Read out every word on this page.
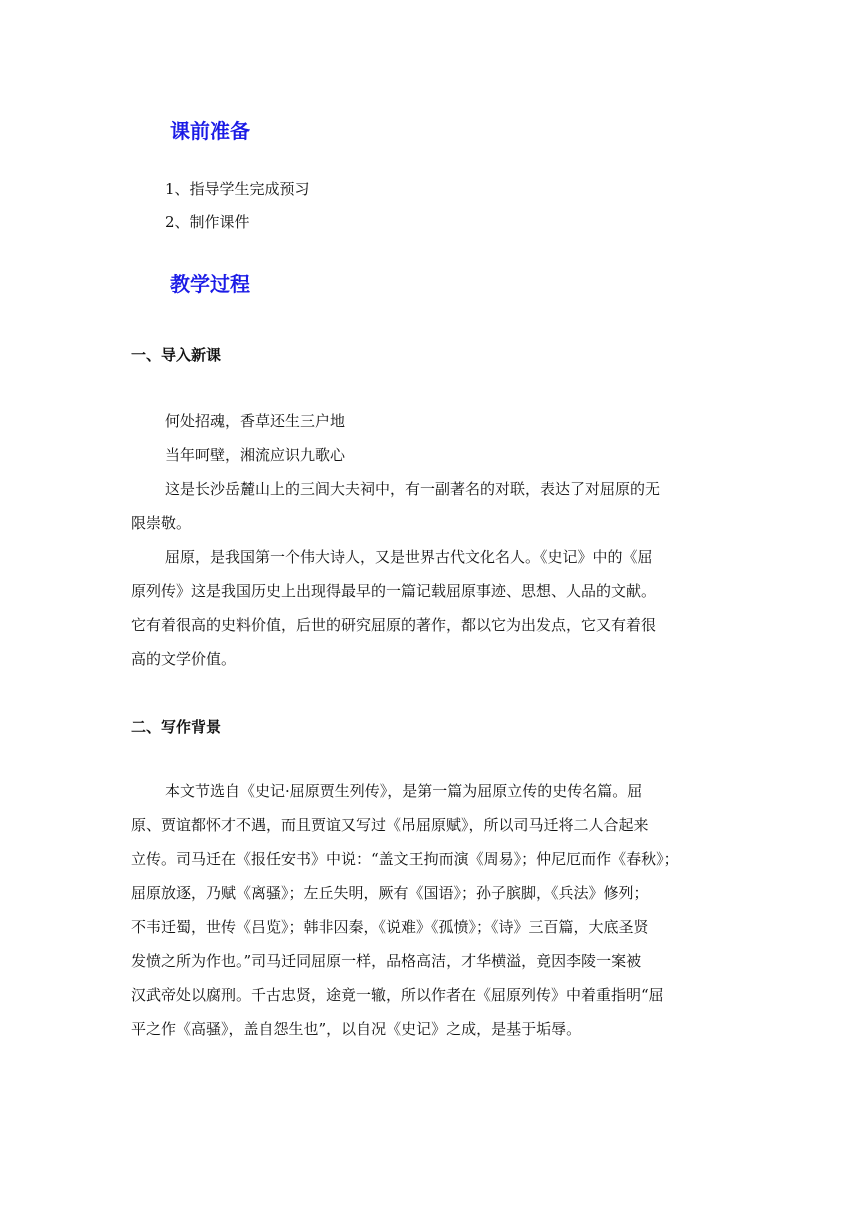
课前准备

1、指导学生完成预习

2、制作课件

教学过程
一、导入新课

何处招魂，香草还生三户地

当年呵壁，湘流应识九歌心

这是长沙岳麓山上的三闾大夫祠中，有一副著名的对联，表达了对屈原的无

限崇敬。

屈原，是我国第一个伟大诗人，又是世界古代文化名人。《史记》中的《屈

原列传》这是我国历史上出现得最早的一篇记载屈原事迹、思想、人品的文献。

它有着很高的史料价值，后世的研究屈原的著作，都以它为出发点，它又有着很

高的文学价值。

二、写作背景

本文节选自《史记·屈原贾生列传》，是第一篇为屈原立传的史传名篇。屈

原、贾谊都怀才不遇，而且贾谊又写过《吊屈原赋》，所以司马迁将二人合起来

立传。司马迁在《报任安书》中说：“盖文王拘而演《周易》；仲尼厄而作《春秋》；

屈原放逐，乃赋《离骚》；左丘失明，厥有《国语》；孙子膑脚，《兵法》修列；

不韦迁蜀，世传《吕览》；韩非囚秦，《说难》《孤愤》；《诗》三百篇，大底圣贤

发愤之所为作也。”司马迁同屈原一样，品格高洁，才华横溢，竟因李陵一案被

汉武帝处以腐刑。千古忠贤，途竟一辙，所以作者在《屈原列传》中着重指明“屈

平之作《高骚》，盖自怨生也”，以自况《史记》之成，是基于垢辱。
